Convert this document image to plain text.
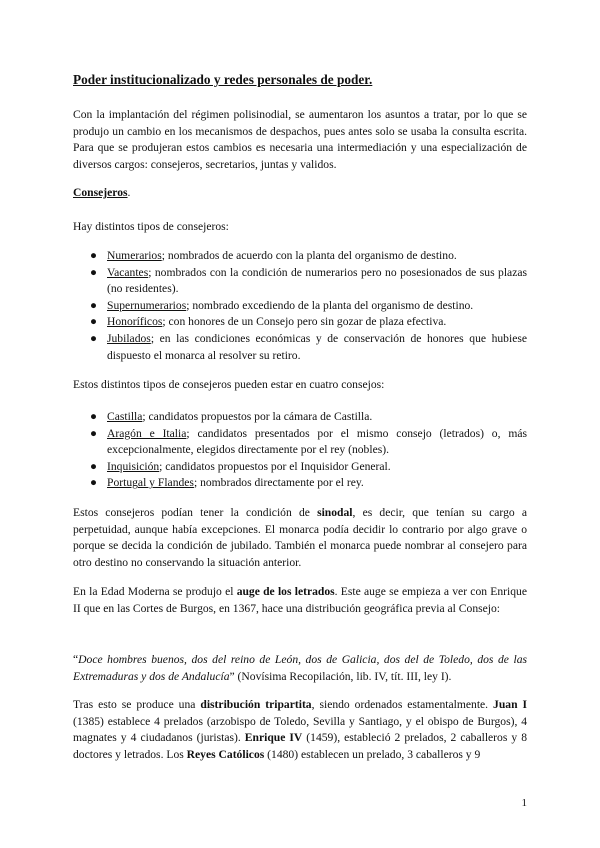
Poder institucionalizado y redes personales de poder.

Con la implantación del régimen polisinodial, se aumentaron los asuntos a tratar, por lo que se produjo un cambio en los mecanismos de despachos, pues antes solo se usaba la consulta escrita. Para que se produjeran estos cambios es necesaria una intermediación y una especialización de diversos cargos: consejeros, secretarios, juntas y validos.

Consejeros.

Hay distintos tipos de consejeros:

● Numerarios; nombrados de acuerdo con la planta del organismo de destino.
● Vacantes; nombrados con la condición de numerarios pero no posesionados de sus plazas (no residentes).
● Supernumerarios; nombrado excediendo de la planta del organismo de destino.
● Honoríficos; con honores de un Consejo pero sin gozar de plaza efectiva.
● Jubilados; en las condiciones económicas y de conservación de honores que hubiese dispuesto el monarca al resolver su retiro.

Estos distintos tipos de consejeros pueden estar en cuatro consejos:

● Castilla; candidatos propuestos por la cámara de Castilla.
● Aragón e Italia; candidatos presentados por el mismo consejo (letrados) o, más excepcionalmente, elegidos directamente por el rey (nobles).
● Inquisición; candidatos propuestos por el Inquisidor General.
● Portugal y Flandes; nombrados directamente por el rey.

Estos consejeros podían tener la condición de sinodal, es decir, que tenían su cargo a perpetuidad, aunque había excepciones. El monarca podía decidir lo contrario por algo grave o porque se decida la condición de jubilado. También el monarca puede nombrar al consejero para otro destino no conservando la situación anterior.

En la Edad Moderna se produjo el auge de los letrados. Este auge se empieza a ver con Enrique II que en las Cortes de Burgos, en 1367, hace una distribución geográfica previa al Consejo:

“Doce hombres buenos, dos del reino de León, dos de Galicia, dos del de Toledo, dos de las Extremaduras y dos de Andalucía” (Novísima Recopilación, lib. IV, tít. III, ley I).

Tras esto se produce una distribución tripartita, siendo ordenados estamentalmente. Juan I (1385) establece 4 prelados (arzobispo de Toledo, Sevilla y Santiago, y el obispo de Burgos), 4 magnates y 4 ciudadanos (juristas). Enrique IV (1459), estableció 2 prelados, 2 caballeros y 8 doctores y letrados. Los Reyes Católicos (1480) establecen un prelado, 3 caballeros y 9

1
